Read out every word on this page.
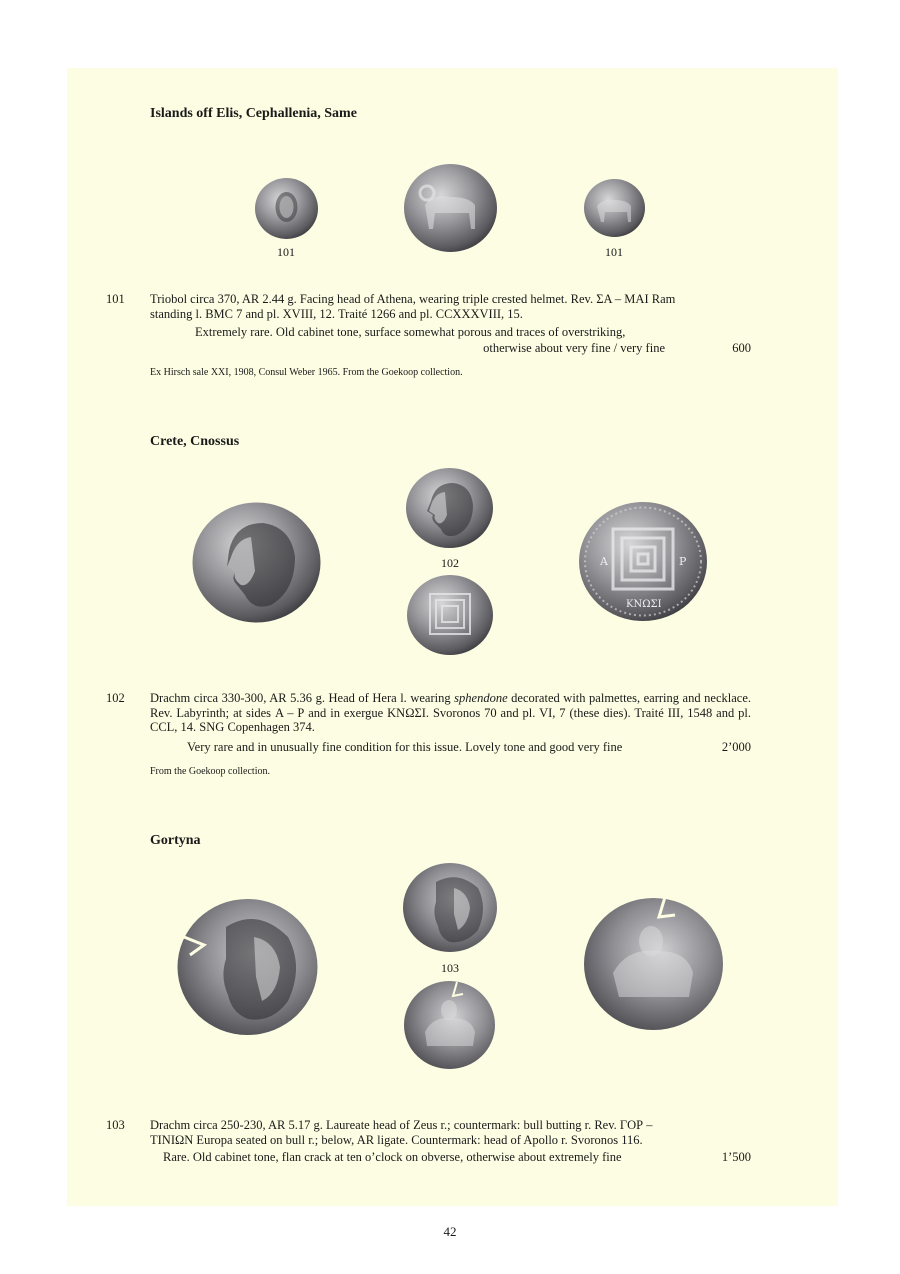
Islands off Elis, Cephallenia, Same
101	101
101 Triobol circa 370, AR 2.44 g. Facing head of Athena, wearing triple crested helmet. Rev. ΣΑ – ΜΑΙ Ram
standing l. BMC 7 and pl. XVIII, 12. Traité 1266 and pl. CCXXXVIII, 15.
Extremely rare. Old cabinet tone, surface somewhat porous and traces of overstriking,
otherwise about very fine / very fine	600
Ex Hirsch sale XXI, 1908, Consul Weber 1965. From the Goekoop collection.
Crete, Cnossus
102	Α	Ρ
ΚΝΩΣΙ
102 Drachm circa 330-300, AR 5.36 g. Head of Hera l. wearing sphendone decorated with palmettes, earring and necklace. Rev. Labyrinth; at sides Α – Ρ and in exergue ΚΝΩΣΙ. Svoronos 70 and pl. VI, 7 (these dies). Traité III, 1548 and pl. CCL, 14. SNG Copenhagen 374.
Very rare and in unusually fine condition for this issue. Lovely tone and good very fine	2’000
From the Goekoop collection.
Gortyna
103
103 Drachm circa 250-230, AR 5.17 g. Laureate head of Zeus r.; countermark: bull butting r. Rev. ΓΟΡ –
ΤΙΝΙΩΝ Europa seated on bull r.; below, AR ligate. Countermark: head of Apollo r. Svoronos 116.
Rare. Old cabinet tone, flan crack at ten o’clock on obverse, otherwise about extremely fine	1’500
42
